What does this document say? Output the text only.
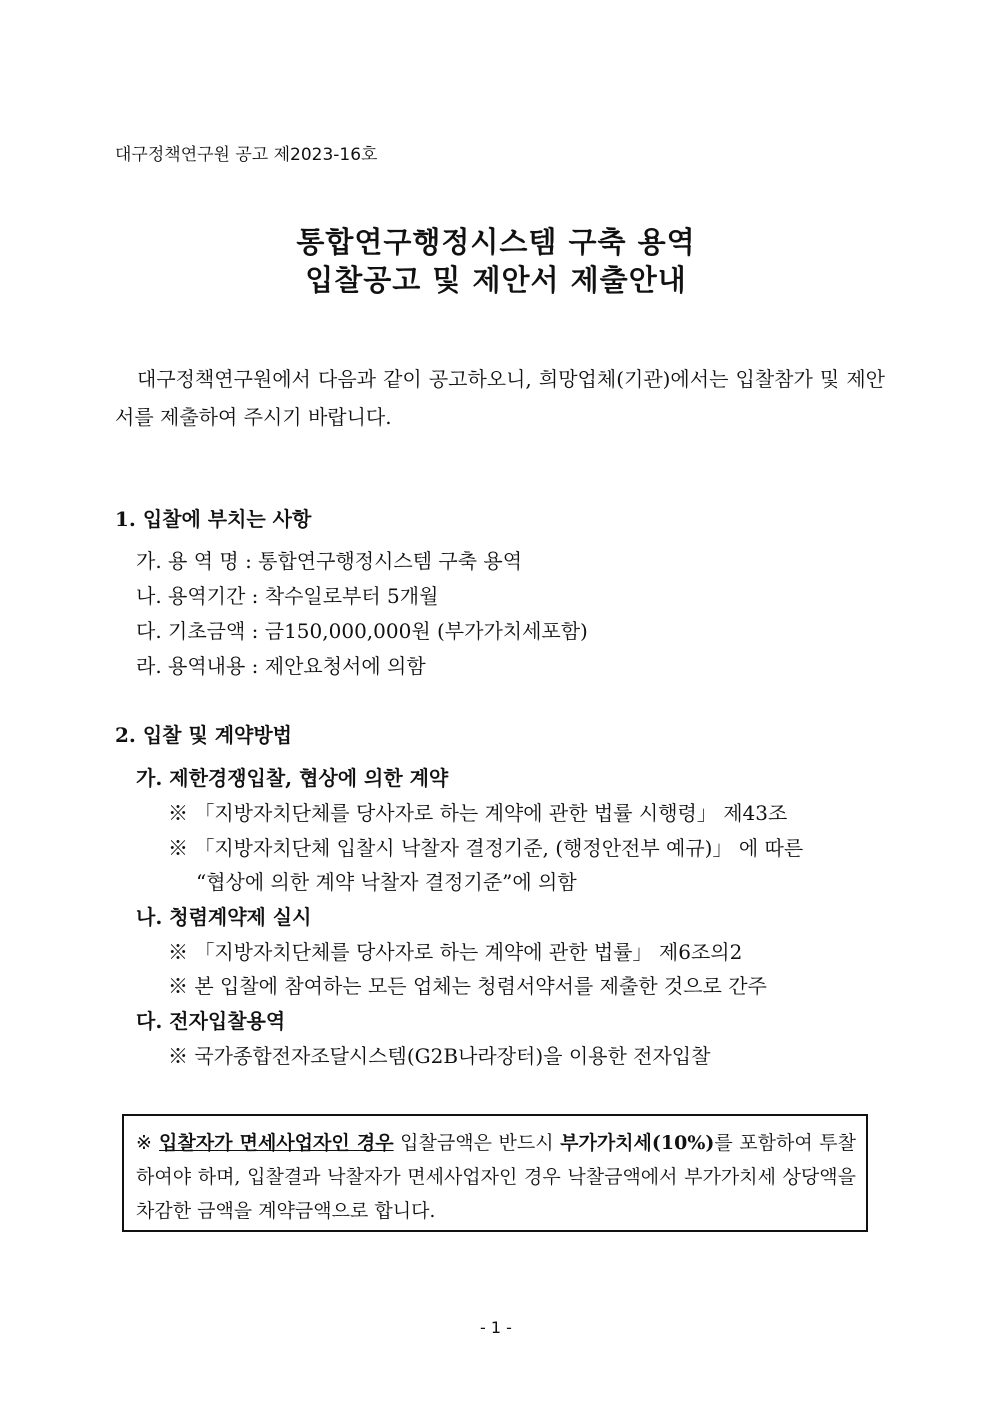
대구정책연구원 공고 제2023-16호
통합연구행정시스템 구축 용역
입찰공고 및 제안서 제출안내
대구정책연구원에서 다음과 같이 공고하오니, 희망업체(기관)에서는 입찰참가 및 제안서를 제출하여 주시기 바랍니다.
1. 입찰에 부치는 사항
가. 용 역 명 : 통합연구행정시스템 구축 용역
나. 용역기간 : 착수일로부터 5개월
다. 기초금액 : 금150,000,000원 (부가가치세포함)
라. 용역내용 : 제안요청서에 의함
2. 입찰 및 계약방법
가. 제한경쟁입찰, 협상에 의한 계약
※ 「지방자치단체를 당사자로 하는 계약에 관한 법률 시행령」 제43조
※ 「지방자치단체 입찰시 낙찰자 결정기준, (행정안전부 예규)」 에 따른
“협상에 의한 계약 낙찰자 결정기준”에 의함
나. 청렴계약제 실시
※ 「지방자치단체를 당사자로 하는 계약에 관한 법률」 제6조의2
※ 본 입찰에 참여하는 모든 업체는 청렴서약서를 제출한 것으로 간주
다. 전자입찰용역
※ 국가종합전자조달시스템(G2B나라장터)을 이용한 전자입찰
※ 입찰자가 면세사업자인 경우 입찰금액은 반드시 부가가치세(10%)를 포함하여 투찰하여야 하며, 입찰결과 낙찰자가 면세사업자인 경우 낙찰금액에서 부가가치세 상당액을 차감한 금액을 계약금액으로 합니다.
- 1 -
